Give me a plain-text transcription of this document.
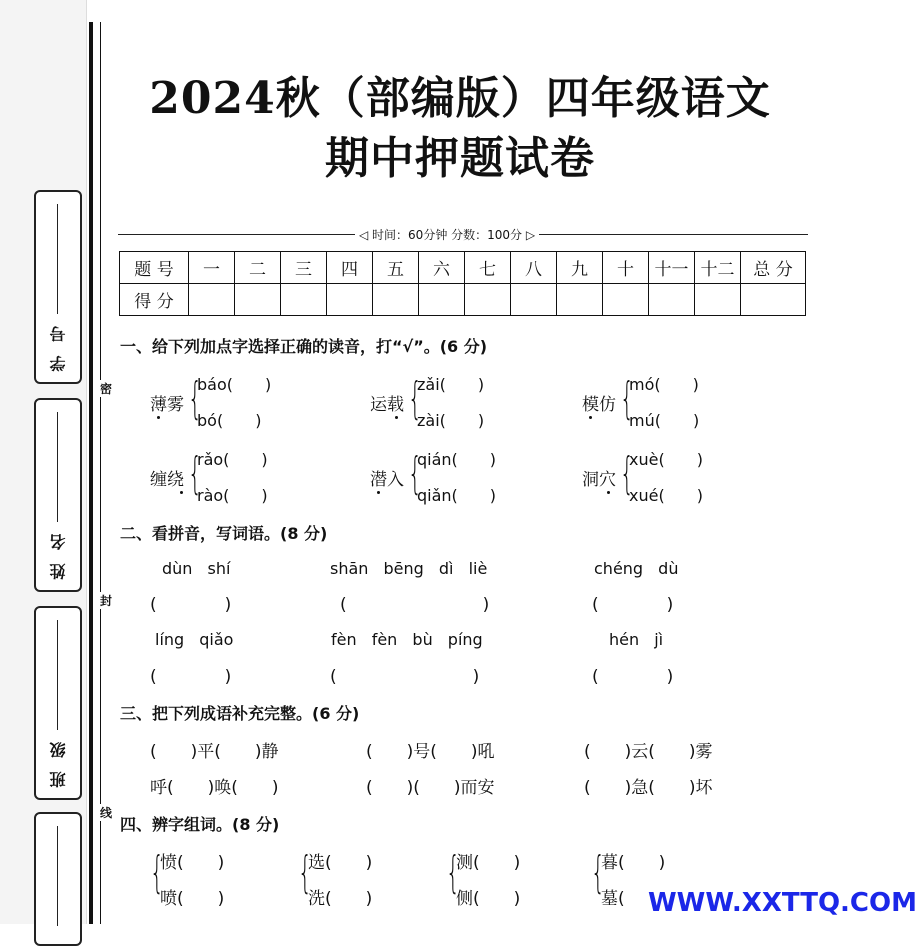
学 号
姓 名
班 级
密
封
线
2024秋（部编版）四年级语文
期中押题试卷
◁ 时间：60分钟 分数：100分 ▷
题 号	一	二	三	四	五	六	七	八	九	十	十一	十二	总 分
得 分													
一、给下列加点字选择正确的读音，打“√”。(6 分)
薄雾 {
báo(　　)
bó(　　)
运载 {
zǎi(　　)
zài(　　)
模仿 {
mó(　　)
mú(　　)
缠绕 {
rǎo(　　)
rào(　　)
潜入 {
qián(　　)
qiǎn(　　)
洞穴 {
xuè(　　)
xué(　　)
二、看拼音，写词语。(8 分)
dùn shí	shān bēng dì liè	chéng dù
(　　　　)	(　　　　　　　　)	(　　　　)
líng qiǎo	fèn fèn bù píng	hén jì
(　　　　)	(　　　　　　　　)	(　　　　)
三、把下列成语补充完整。(6 分)
(　　)平(　　)静	(　　)号(　　)吼	(　　)云(　　)雾
呼(　　)唤(　　)	(　　)(　　)而安	(　　)急(　　)坏
四、辨字组词。(8 分)
{
愤(　　)
喷(　　)
{
选(　　)
洗(　　)
{
测(　　)
侧(　　)
{
暮(　　)
墓( WWW.XXTTQ.COM
